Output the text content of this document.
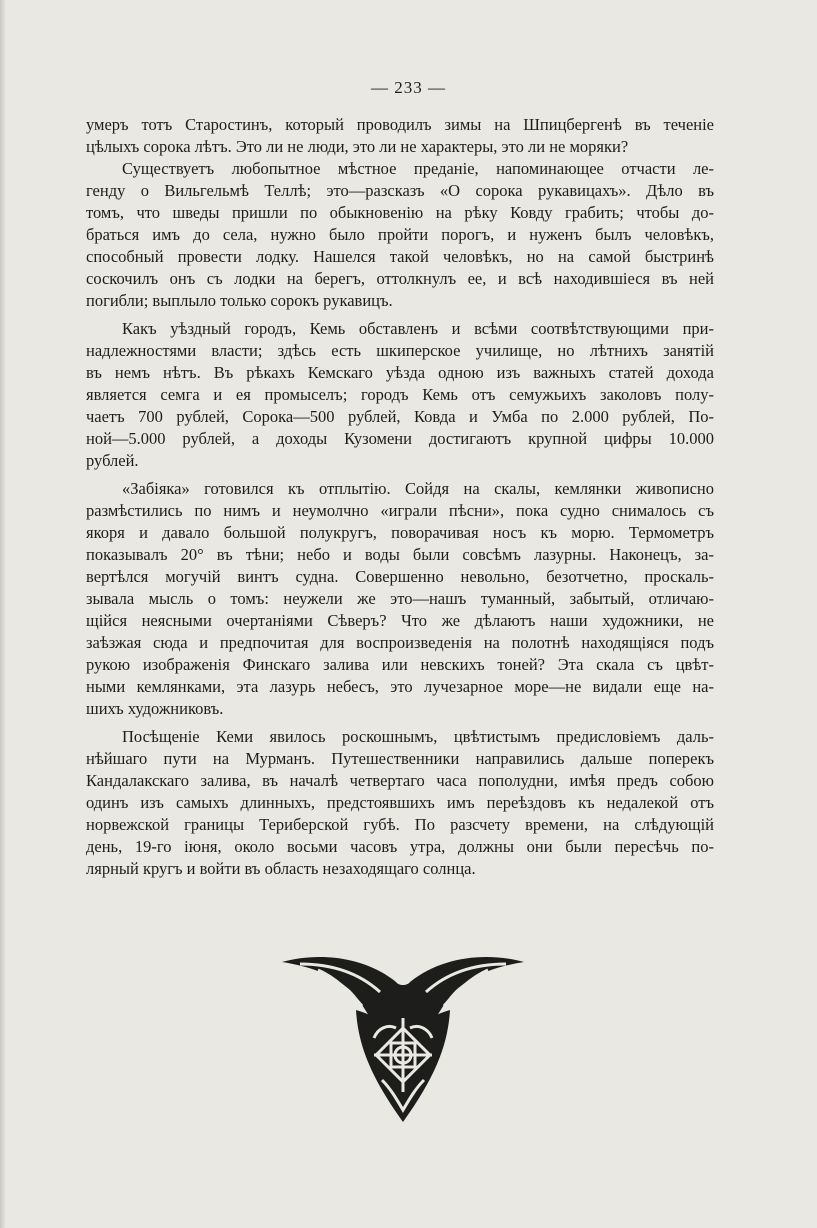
— 233 —
умеръ тотъ Старостинъ, который проводилъ зимы на Шпицбергенѣ въ теченіе
цѣлыхъ сорока лѣтъ. Это ли не люди, это ли не характеры, это ли не моряки?
Существуетъ любопытное мѣстное преданіе, напоминающее отчасти ле-
генду о Вильгельмѣ Теллѣ; это—разсказъ «О сорока рукавицахъ». Дѣло въ
томъ, что шведы пришли по обыкновенію на рѣку Ковду грабить; чтобы до-
браться имъ до села, нужно было пройти порогъ, и нуженъ былъ человѣкъ,
способный провести лодку. Нашелся такой человѣкъ, но на самой быстринѣ
соскочилъ онъ съ лодки на берегъ, оттолкнулъ ее, и всѣ находившіеся въ ней
погибли; выплыло только сорокъ рукавицъ.
Какъ уѣздный городъ, Кемь обставленъ и всѣми соотвѣтствующими при-
надлежностями власти; здѣсь есть шкиперское училище, но лѣтнихъ занятій
въ немъ нѣтъ. Въ рѣкахъ Кемскаго уѣзда одною изъ важныхъ статей дохода
является семга и ея промыселъ; городъ Кемь отъ семужьихъ заколовъ полу-
чаетъ 700 рублей, Сорока—500 рублей, Ковда и Умба по 2.000 рублей, По-
ной—5.000 рублей, а доходы Кузомени достигаютъ крупной цифры 10.000
рублей.
«Забіяка» готовился къ отплытію. Сойдя на скалы, кемлянки живописно
размѣстились по нимъ и неумолчно «играли пѣсни», пока судно снималось съ
якоря и давало большой полукругъ, поворачивая носъ къ морю. Термометръ
показывалъ 20° въ тѣни; небо и воды были совсѣмъ лазурны. Наконецъ, за-
вертѣлся могучій винтъ судна. Совершенно невольно, безотчетно, проскаль-
зывала мысль о томъ: неужели же это—нашъ туманный, забытый, отличаю-
щійся неясными очертаніями Сѣверъ? Что же дѣлаютъ наши художники, не
заѣзжая сюда и предпочитая для воспроизведенія на полотнѣ находящіяся подъ
рукою изображенія Финскаго залива или невскихъ тоней? Эта скала съ цвѣт-
ными кемлянками, эта лазурь небесъ, это лучезарное море—не видали еще на-
шихъ художниковъ.
Посѣщеніе Кеми явилось роскошнымъ, цвѣтистымъ предисловіемъ даль-
нѣйшаго пути на Мурманъ. Путешественники направились дальше поперекъ
Кандалакскаго залива, въ началѣ четвертаго часа пополудни, имѣя предъ собою
одинъ изъ самыхъ длинныхъ, предстоявшихъ имъ переѣздовъ къ недалекой отъ
норвежской границы Териберской губѣ. По разсчету времени, на слѣдующій
день, 19-го іюня, около восьми часовъ утра, должны они были пересѣчь по-
лярный кругъ и войти въ область незаходящаго солнца.
